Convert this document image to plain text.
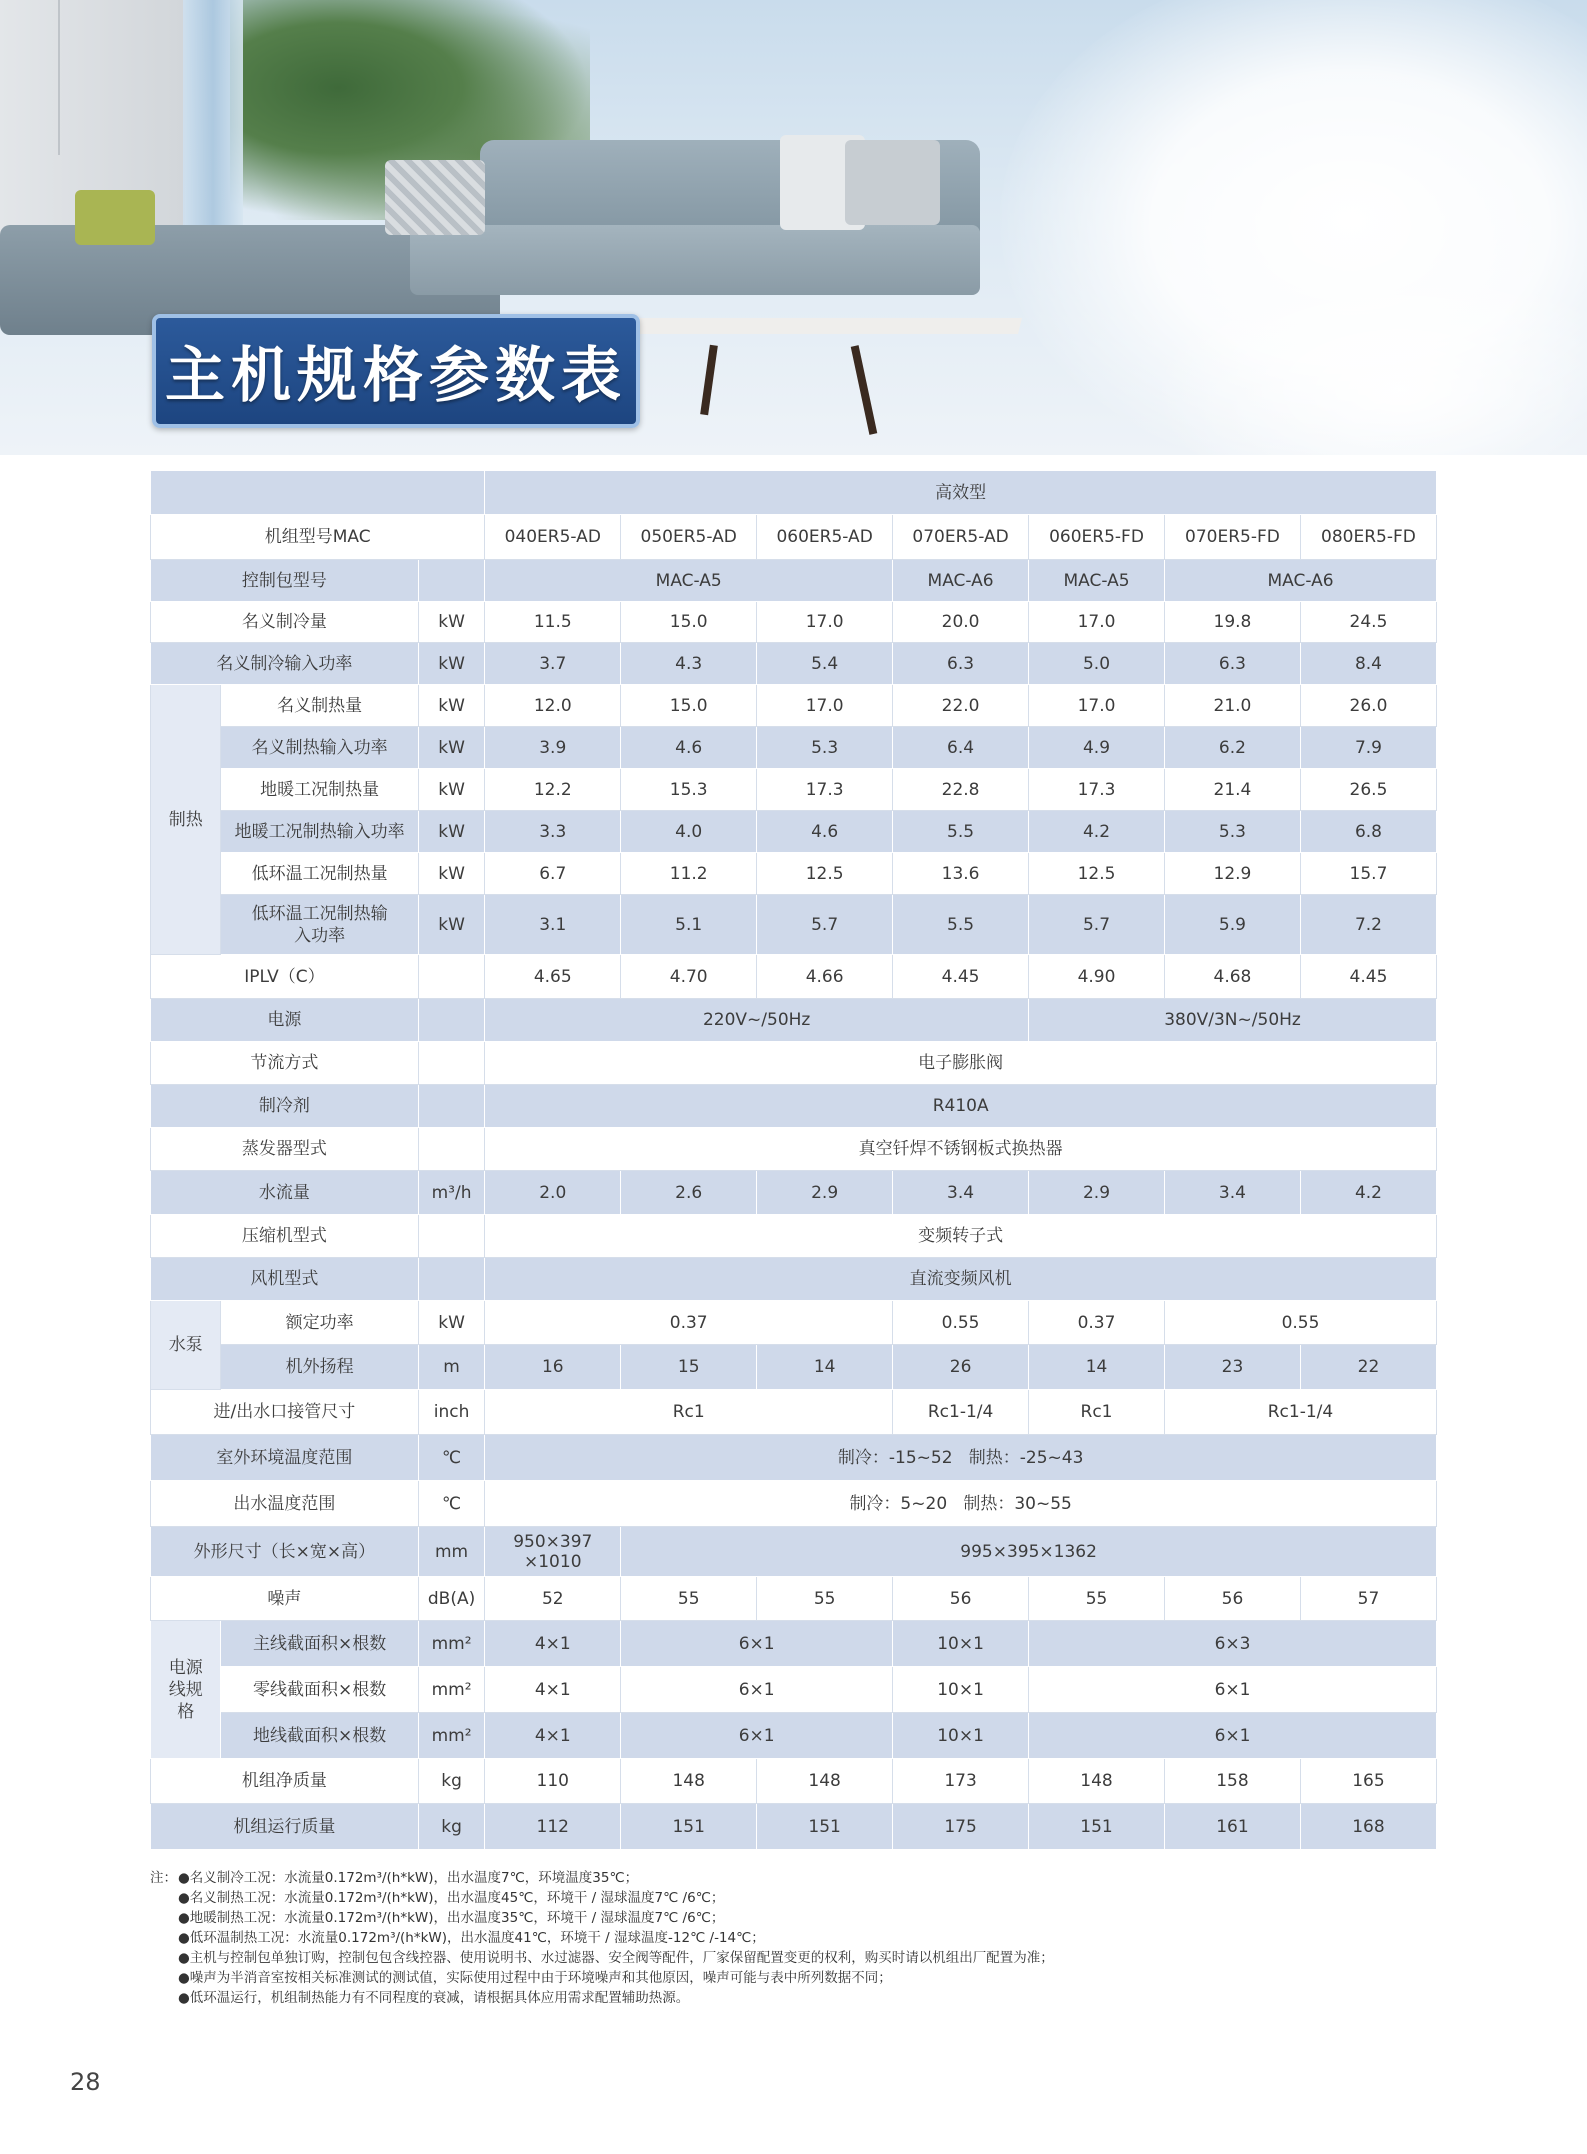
主机规格参数表
			高效型						
机组型号MAC			040ER5-AD	050ER5-AD	060ER5-AD	070ER5-AD	060ER5-FD	070ER5-FD	080ER5-FD
控制包型号			MAC-A5			MAC-A6	MAC-A5	MAC-A6	
名义制冷量		kW	11.5	15.0	17.0	20.0	17.0	19.8	24.5
名义制冷输入功率		kW	3.7	4.3	5.4	6.3	5.0	6.3	8.4
制热	名义制热量	kW	12.0	15.0	17.0	22.0	17.0	21.0	26.0
	名义制热输入功率	kW	3.9	4.6	5.3	6.4	4.9	6.2	7.9
	地暖工况制热量	kW	12.2	15.3	17.3	22.8	17.3	21.4	26.5
	地暖工况制热输入功率	kW	3.3	4.0	4.6	5.5	4.2	5.3	6.8
	低环温工况制热量	kW	6.7	11.2	12.5	13.6	12.5	12.9	15.7
	低环温工况制热输入功率	kW	3.1	5.1	5.7	5.5	5.7	5.9	7.2
IPLV（C）			4.65	4.70	4.66	4.45	4.90	4.68	4.45
电源			220V~/50Hz				380V/3N~/50Hz		
节流方式			电子膨胀阀						
制冷剂			R410A						
蒸发器型式			真空钎焊不锈钢板式换热器						
水流量		m³/h	2.0	2.6	2.9	3.4	2.9	3.4	4.2
压缩机型式			变频转子式						
风机型式			直流变频风机						
水泵	额定功率	kW	0.37			0.55	0.37	0.55	
	机外扬程	m	16	15	14	26	14	23	22
进/出水口接管尺寸		inch	Rc1			Rc1-1/4	Rc1	Rc1-1/4	
室外环境温度范围		℃	制冷：-15~52   制热：-25~43						
出水温度范围		℃	制冷：5~20   制热：30~55						
外形尺寸（长×宽×高）		mm	950×397 ×1010	995×395×1362					
噪声		dB(A)	52	55	55	56	55	56	57
电源线规格	主线截面积×根数	mm²	4×1	6×1		10×1	6×3		
	零线截面积×根数	mm²	4×1	6×1		10×1	6×1		
	地线截面积×根数	mm²	4×1	6×1		10×1	6×1		
机组净质量		kg	110	148	148	173	148	158	165
机组运行质量		kg	112	151	151	175	151	161	168
注： ●名义制冷工况：水流量0.172m³/(h*kW)，出水温度7℃，环境温度35℃；
●名义制热工况：水流量0.172m³/(h*kW)，出水温度45℃，环境干 / 湿球温度7℃ /6℃；
●地暖制热工况：水流量0.172m³/(h*kW)，出水温度35℃，环境干 / 湿球温度7℃ /6℃；
●低环温制热工况：水流量0.172m³/(h*kW)，出水温度41℃，环境干 / 湿球温度-12℃ /-14℃；
●主机与控制包单独订购，控制包包含线控器、使用说明书、水过滤器、安全阀等配件，厂家保留配置变更的权利，购买时请以机组出厂配置为准；
●噪声为半消音室按相关标准测试的测试值，实际使用过程中由于环境噪声和其他原因，噪声可能与表中所列数据不同；
●低环温运行，机组制热能力有不同程度的衰减，请根据具体应用需求配置辅助热源。
28
